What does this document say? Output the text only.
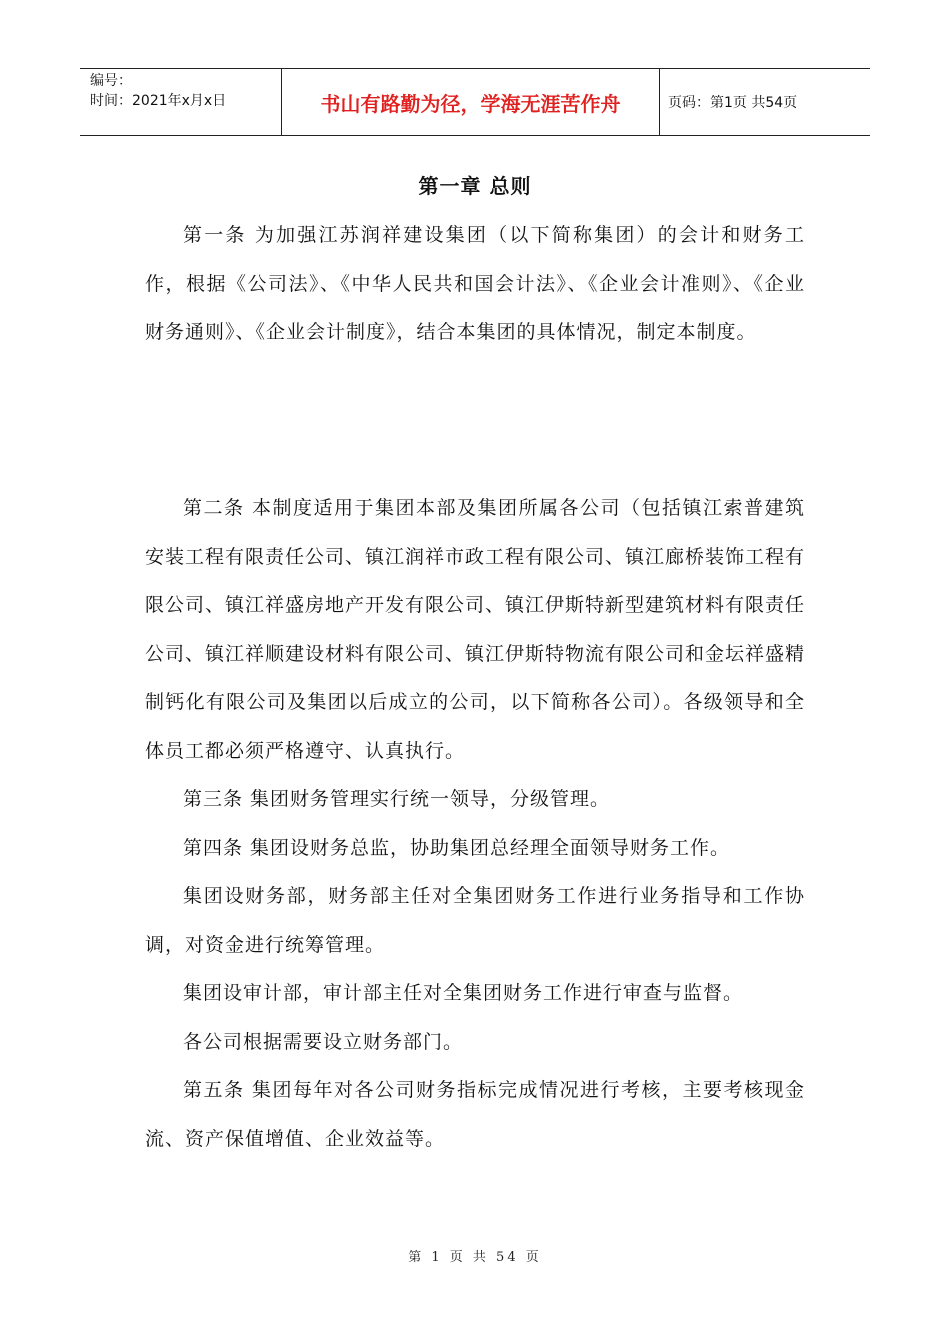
编号：
时间：2021年x月x日	书山有路勤为径，学海无涯苦作舟	页码：第1页 共54页
第一章 总则

第一条 为加强江苏润祥建设集团（以下简称集团）的会计和财务工作，根据《公司法》、《中华人民共和国会计法》、《企业会计准则》、《企业财务通则》、《企业会计制度》，结合本集团的具体情况，制定本制度。

第二条 本制度适用于集团本部及集团所属各公司（包括镇江索普建筑安装工程有限责任公司、镇江润祥市政工程有限公司、镇江廊桥装饰工程有限公司、镇江祥盛房地产开发有限公司、镇江伊斯特新型建筑材料有限责任公司、镇江祥顺建设材料有限公司、镇江伊斯特物流有限公司和金坛祥盛精制钙化有限公司及集团以后成立的公司，以下简称各公司）。各级领导和全体员工都必须严格遵守、认真执行。

第三条 集团财务管理实行统一领导，分级管理。

第四条 集团设财务总监，协助集团总经理全面领导财务工作。

集团设财务部，财务部主任对全集团财务工作进行业务指导和工作协调，对资金进行统筹管理。

集团设审计部，审计部主任对全集团财务工作进行审查与监督。

各公司根据需要设立财务部门。

第五条 集团每年对各公司财务指标完成情况进行考核，主要考核现金流、资产保值增值、企业效益等。

第 1 页 共 54 页
